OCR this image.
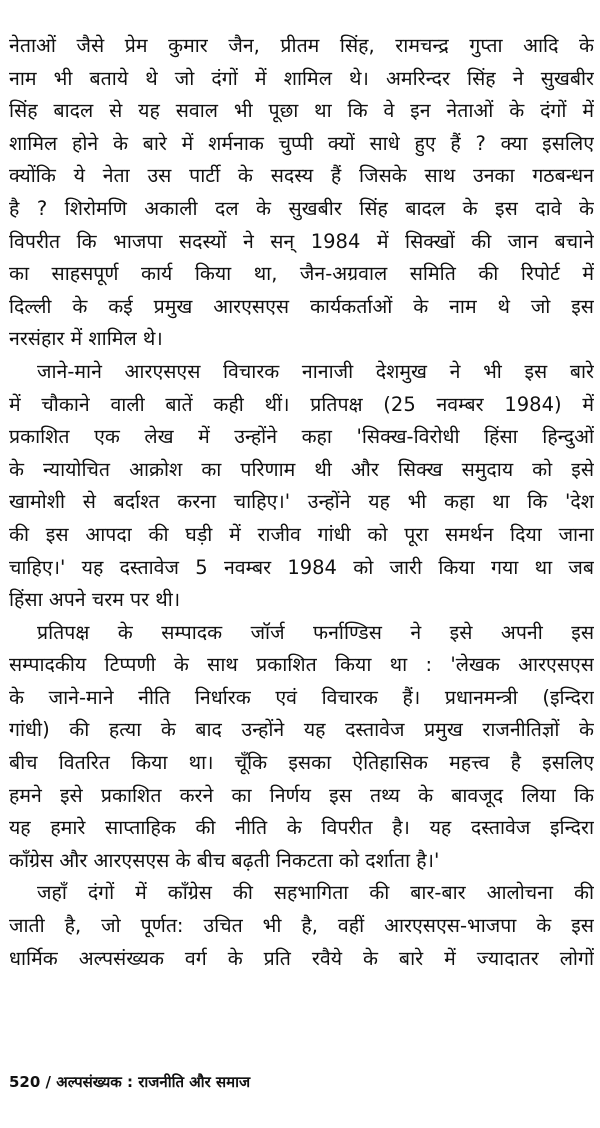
नेताओं जैसे प्रेम कुमार जैन, प्रीतम सिंह, रामचन्द्र गुप्ता आदि के
नाम भी बताये थे जो दंगों में शामिल थे। अमरिन्दर सिंह ने सुखबीर
सिंह बादल से यह सवाल भी पूछा था कि वे इन नेताओं के दंगों में
शामिल होने के बारे में शर्मनाक चुप्पी क्यों साधे हुए हैं ? क्या इसलिए
क्योंकि ये नेता उस पार्टी के सदस्य हैं जिसके साथ उनका गठबन्धन
है ? शिरोमणि अकाली दल के सुखबीर सिंह बादल के इस दावे के
विपरीत कि भाजपा सदस्यों ने सन् 1984 में सिक्खों की जान बचाने
का साहसपूर्ण कार्य किया था, जैन-अग्रवाल समिति की रिपोर्ट में
दिल्ली के कई प्रमुख आरएसएस कार्यकर्ताओं के नाम थे जो इस
नरसंहार में शामिल थे।
जाने-माने आरएसएस विचारक नानाजी देशमुख ने भी इस बारे
में चौकाने वाली बातें कही थीं। प्रतिपक्ष (25 नवम्बर 1984) में
प्रकाशित एक लेख में उन्होंने कहा 'सिक्ख-विरोधी हिंसा हिन्दुओं
के न्यायोचित आक्रोश का परिणाम थी और सिक्ख समुदाय को इसे
खामोशी से बर्दाश्त करना चाहिए।' उन्होंने यह भी कहा था कि 'देश
की इस आपदा की घड़ी में राजीव गांधी को पूरा समर्थन दिया जाना
चाहिए।' यह दस्तावेज 5 नवम्बर 1984 को जारी किया गया था जब
हिंसा अपने चरम पर थी।
प्रतिपक्ष के सम्पादक जॉर्ज फर्नाण्डिस ने इसे अपनी इस
सम्पादकीय टिप्पणी के साथ प्रकाशित किया था : 'लेखक आरएसएस
के जाने-माने नीति निर्धारक एवं विचारक हैं। प्रधानमन्त्री (इन्दिरा
गांधी) की हत्या के बाद उन्होंने यह दस्तावेज प्रमुख राजनीतिज्ञों के
बीच वितरित किया था। चूँकि इसका ऐतिहासिक महत्त्व है इसलिए
हमने इसे प्रकाशित करने का निर्णय इस तथ्य के बावजूद लिया कि
यह हमारे साप्ताहिक की नीति के विपरीत है। यह दस्तावेज इन्दिरा
काँग्रेस और आरएसएस के बीच बढ़ती निकटता को दर्शाता है।'
जहाँ दंगों में काँग्रेस की सहभागिता की बार-बार आलोचना की
जाती है, जो पूर्णत: उचित भी है, वहीं आरएसएस-भाजपा के इस
धार्मिक अल्पसंख्यक वर्ग के प्रति रवैये के बारे में ज्यादातर लोगों
520 / अल्पसंख्यक : राजनीति और समाज
